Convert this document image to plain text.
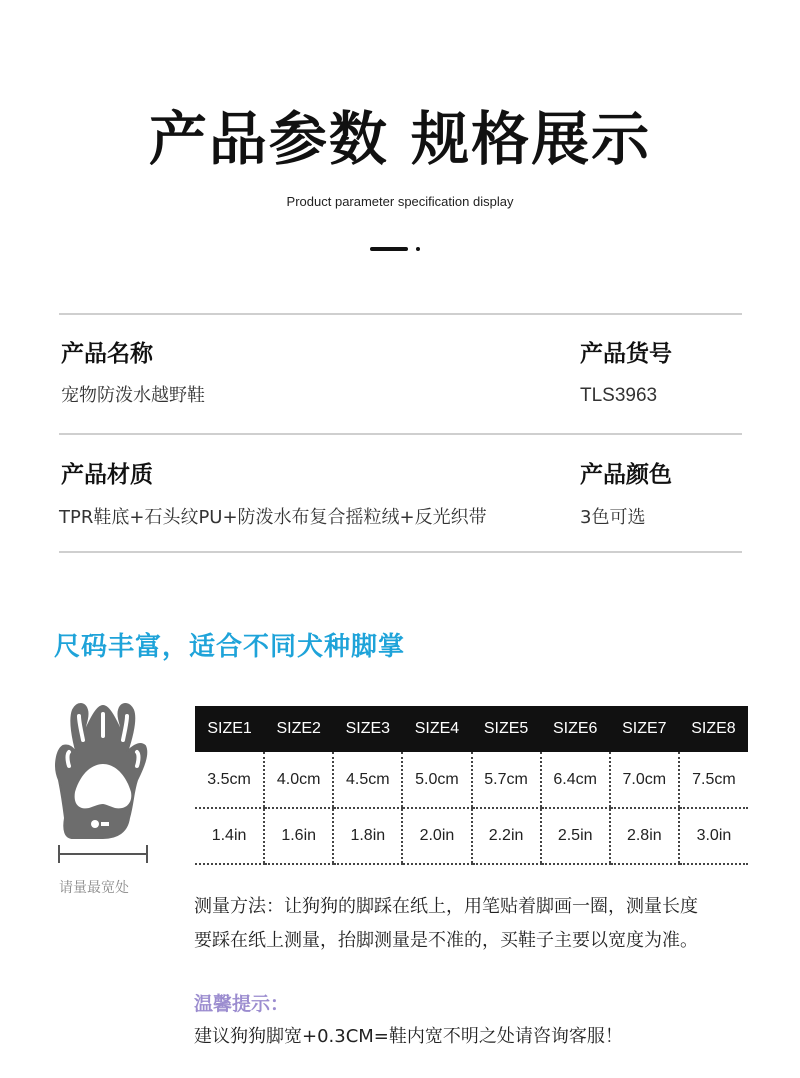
产品参数 规格展示
Product parameter specification display
产品名称
宠物防泼水越野鞋
产品货号
TLS3963
产品材质
TPR鞋底+石头纹PU+防泼水布复合摇粒绒+反光织带
产品颜色
3色可选
尺码丰富，适合不同犬种脚掌
请量最宽处
SIZE1	SIZE2	SIZE3	SIZE4	SIZE5	SIZE6	SIZE7	SIZE8
3.5cm	4.0cm	4.5cm	5.0cm	5.7cm	6.4cm	7.0cm	7.5cm
1.4in	1.6in	1.8in	2.0in	2.2in	2.5in	2.8in	3.0in
测量方法：让狗狗的脚踩在纸上，用笔贴着脚画一圈，测量长度
要踩在纸上测量，抬脚测量是不准的，买鞋子主要以宽度为准。
温馨提示：
建议狗狗脚宽+0.3CM=鞋内宽不明之处请咨询客服！
